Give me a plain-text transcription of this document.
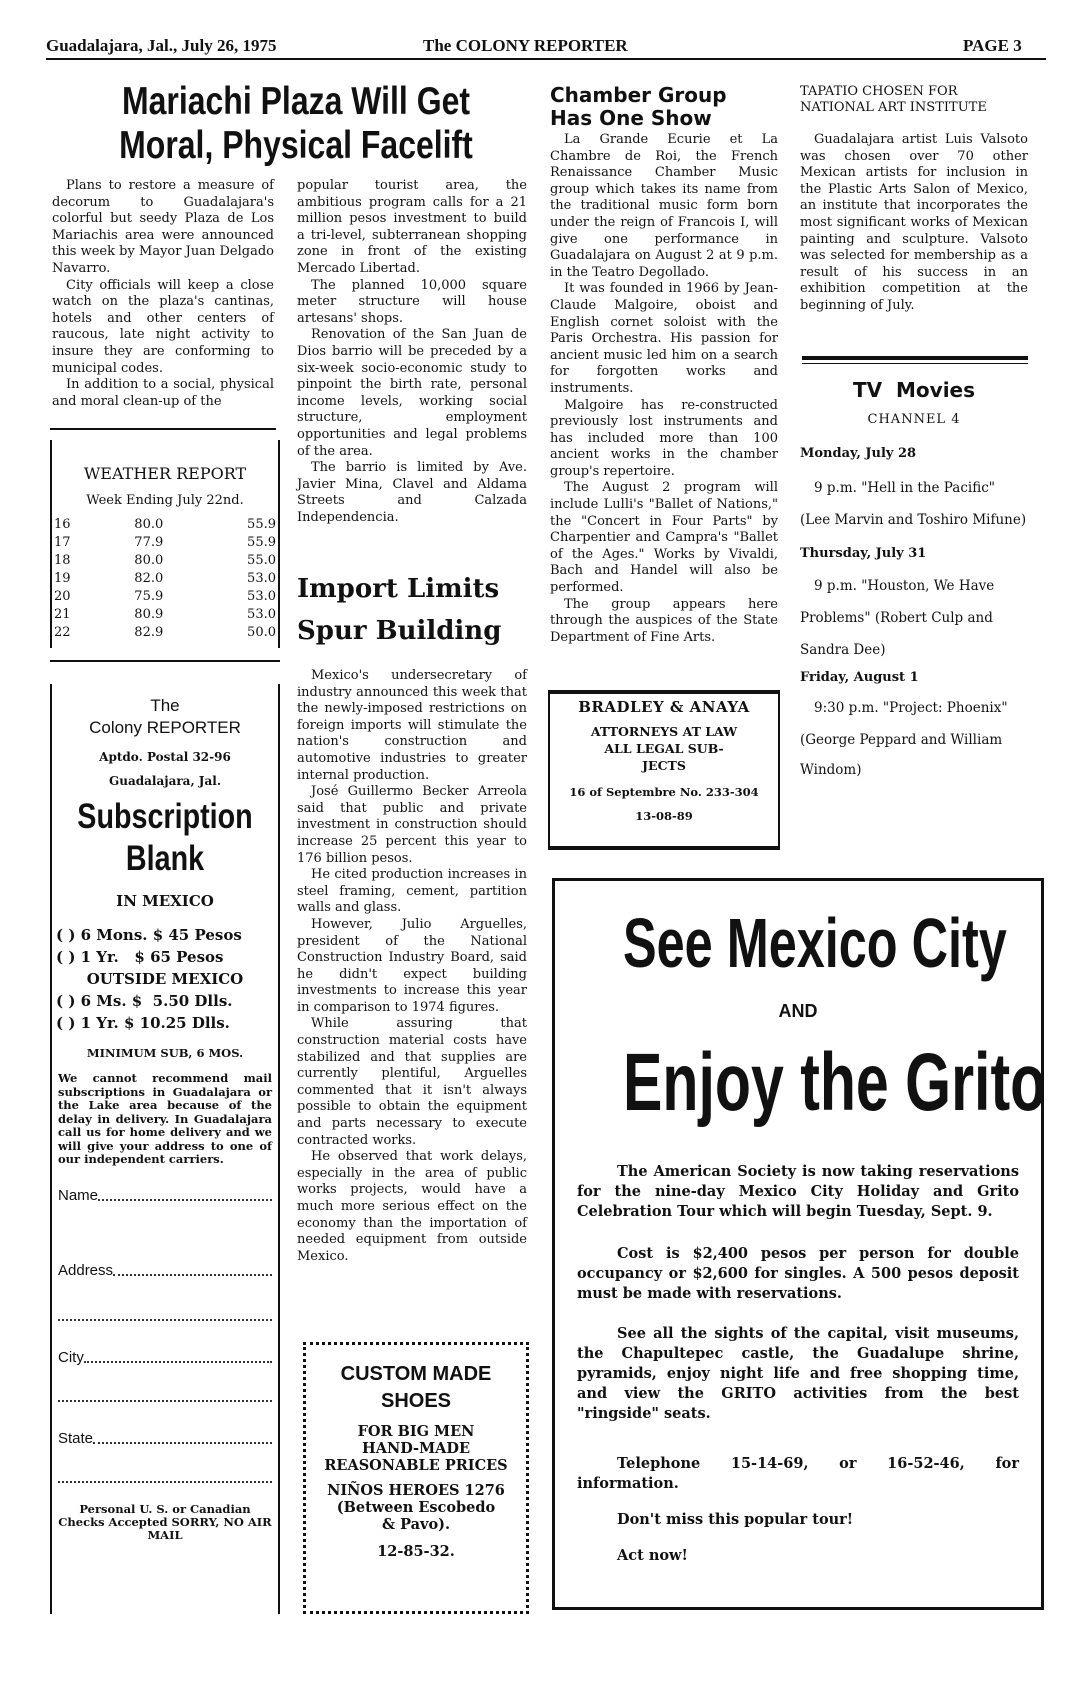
Guadalajara, Jal., July 26, 1975	The COLONY REPORTER	PAGE 3
Mariachi Plaza Will Get
Moral, Physical Facelift

Plans to restore a measure of decorum to Guadalajara's colorful but seedy Plaza de Los Mariachis area were announced this week by Mayor Juan Delgado Navarro.

City officials will keep a close watch on the plaza's cantinas, hotels and other centers of raucous, late night activity to insure they are conforming to municipal codes.

In addition to a social, physical and moral clean-up of the

popular tourist area, the ambitious program calls for a 21 million pesos investment to build a tri-level, subterranean shopping zone in front of the existing Mercado Libertad.

The planned 10,000 square meter structure will house artesans' shops.

Renovation of the San Juan de Dios barrio will be preceded by a six-week socio-economic study to pinpoint the birth rate, personal income levels, working social structure, employment opportunities and legal problems of the area.

The barrio is limited by Ave. Javier Mina, Clavel and Aldama Streets and Calzada Independencia.

WEATHER REPORT
Week Ending July 22nd.
16	80.0	55.9
17	77.9	55.9
18	80.0	55.0
19	82.0	53.0
20	75.9	53.0
21	80.9	53.0
22	82.9	50.0
The
Colony REPORTER
Aptdo. Postal 32-96
Guadalajara, Jal.
Subscription
Blank
IN MEXICO
( ) 6 Mons. $ 45 Pesos
( ) 1 Yr.   $ 65 Pesos
OUTSIDE MEXICO
( ) 6 Ms. $  5.50 Dlls.
( ) 1 Yr. $ 10.25 Dlls.
MINIMUM SUB, 6 MOS.
We cannot recommend mail subscriptions in Guadalajara or the Lake area because of the delay in delivery. In Guadalajara call us for home delivery and we will give your address to one of our independent carriers.
Name
Address
City
State
Personal U. S. or Canadian Checks Accepted SORRY, NO AIR MAIL
Import Limits
Spur Building

Mexico's undersecretary of industry announced this week that the newly-imposed restrictions on foreign imports will stimulate the nation's construction and automotive industries to greater internal production.

José Guillermo Becker Arreola said that public and private investment in construction should increase 25 percent this year to 176 billion pesos.

He cited production increases in steel framing, cement, partition walls and glass.

However, Julio Arguelles, president of the National Construction Industry Board, said he didn't expect building investments to increase this year in comparison to 1974 figures.

While assuring that construction material costs have stabilized and that supplies are currently plentiful, Arguelles commented that it isn't always possible to obtain the equipment and parts necessary to execute contracted works.

He observed that work delays, especially in the area of public works projects, would have a much more serious effect on the economy than the importation of needed equipment from outside Mexico.

CUSTOM MADE
SHOES
FOR BIG MEN
HAND-MADE
REASONABLE PRICES
NIÑOS HEROES 1276
(Between Escobedo
& Pavo).
12-85-32.
Chamber Group
Has One Show

La Grande Ecurie et La Chambre de Roi, the French Renaissance Chamber Music group which takes its name from the traditional music form born under the reign of Francois I, will give one performance in Guadalajara on August 2 at 9 p.m. in the Teatro Degollado.

It was founded in 1966 by Jean-Claude Malgoire, oboist and English cornet soloist with the Paris Orchestra. His passion for ancient music led him on a search for forgotten works and instruments.

Malgoire has re-constructed previously lost instruments and has included more than 100 ancient works in the chamber group's repertoire.

The August 2 program will include Lulli's "Ballet of Nations," the "Concert in Four Parts" by Charpentier and Campra's "Ballet of the Ages." Works by Vivaldi, Bach and Handel will also be performed.

The group appears here through the auspices of the State Department of Fine Arts.

BRADLEY & ANAYA
ATTORNEYS AT LAW
ALL LEGAL SUB-
JECTS
16 of Septembre No. 233-304
13-08-89
TAPATIO CHOSEN FOR
NATIONAL ART INSTITUTE

Guadalajara artist Luis Valsoto was chosen over 70 other Mexican artists for inclusion in the Plastic Arts Salon of Mexico, an institute that incorporates the most significant works of Mexican painting and sculpture. Valsoto was selected for membership as a result of his success in an exhibition competition at the beginning of July.

TV  Movies
CHANNEL 4
Monday, July 28
9 p.m. "Hell in the Pacific"
(Lee Marvin and Toshiro Mifune)
Thursday, July 31
9 p.m. "Houston, We Have
Problems" (Robert Culp and
Sandra Dee)
Friday, August 1
9:30 p.m. "Project: Phoenix"
(George Peppard and William
Windom)
See Mexico City
AND
Enjoy the Grito

The American Society is now taking reservations for the nine-day Mexico City Holiday and Grito Celebration Tour which will begin Tuesday, Sept. 9.

Cost is $2,400 pesos per person for double occupancy or $2,600 for singles. A 500 pesos deposit must be made with reservations.

See all the sights of the capital, visit museums, the Chapultepec castle, the Guadalupe shrine, pyramids, enjoy night life and free shopping time, and view the GRITO activities from the best "ringside" seats.

Telephone 15-14-69, or 16-52-46, for information.

Don't miss this popular tour!

Act now!
